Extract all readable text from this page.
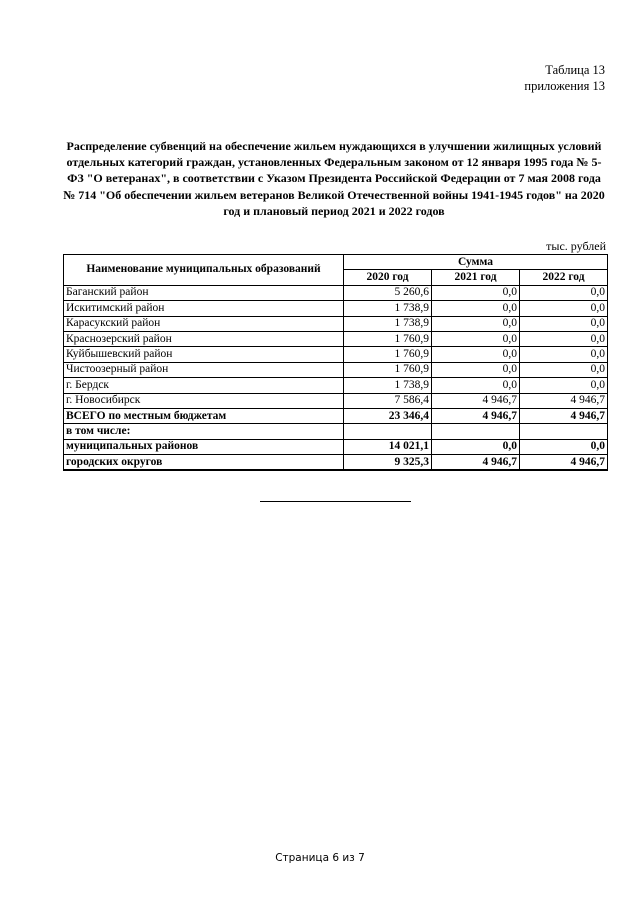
Таблица 13
приложения 13
Распределение субвенций на обеспечение жильем нуждающихся в улучшении жилищных условий отдельных категорий граждан, установленных Федеральным законом от 12 января 1995 года № 5-ФЗ "О ветеранах", в соответствии с Указом Президента Российской Федерации от 7 мая 2008 года № 714 "Об обеспечении жильем ветеранов Великой Отечественной войны 1941-1945 годов" на 2020 год и плановый период 2021 и 2022 годов
тыс. рублей
Наименование муниципальных образований	Сумма		
	2020 год	2021 год	2022 год
Баганский район	5 260,6	0,0	0,0
Искитимский район	1 738,9	0,0	0,0
Карасукский район	1 738,9	0,0	0,0
Краснозерский район	1 760,9	0,0	0,0
Куйбышевский район	1 760,9	0,0	0,0
Чистоозерный район	1 760,9	0,0	0,0
г. Бердск	1 738,9	0,0	0,0
г. Новосибирск	7 586,4	4 946,7	4 946,7
ВСЕГО по местным бюджетам	23 346,4	4 946,7	4 946,7
в том числе:			
муниципальных районов	14 021,1	0,0	0,0
городских округов	9 325,3	4 946,7	4 946,7
Страница 6 из 7
